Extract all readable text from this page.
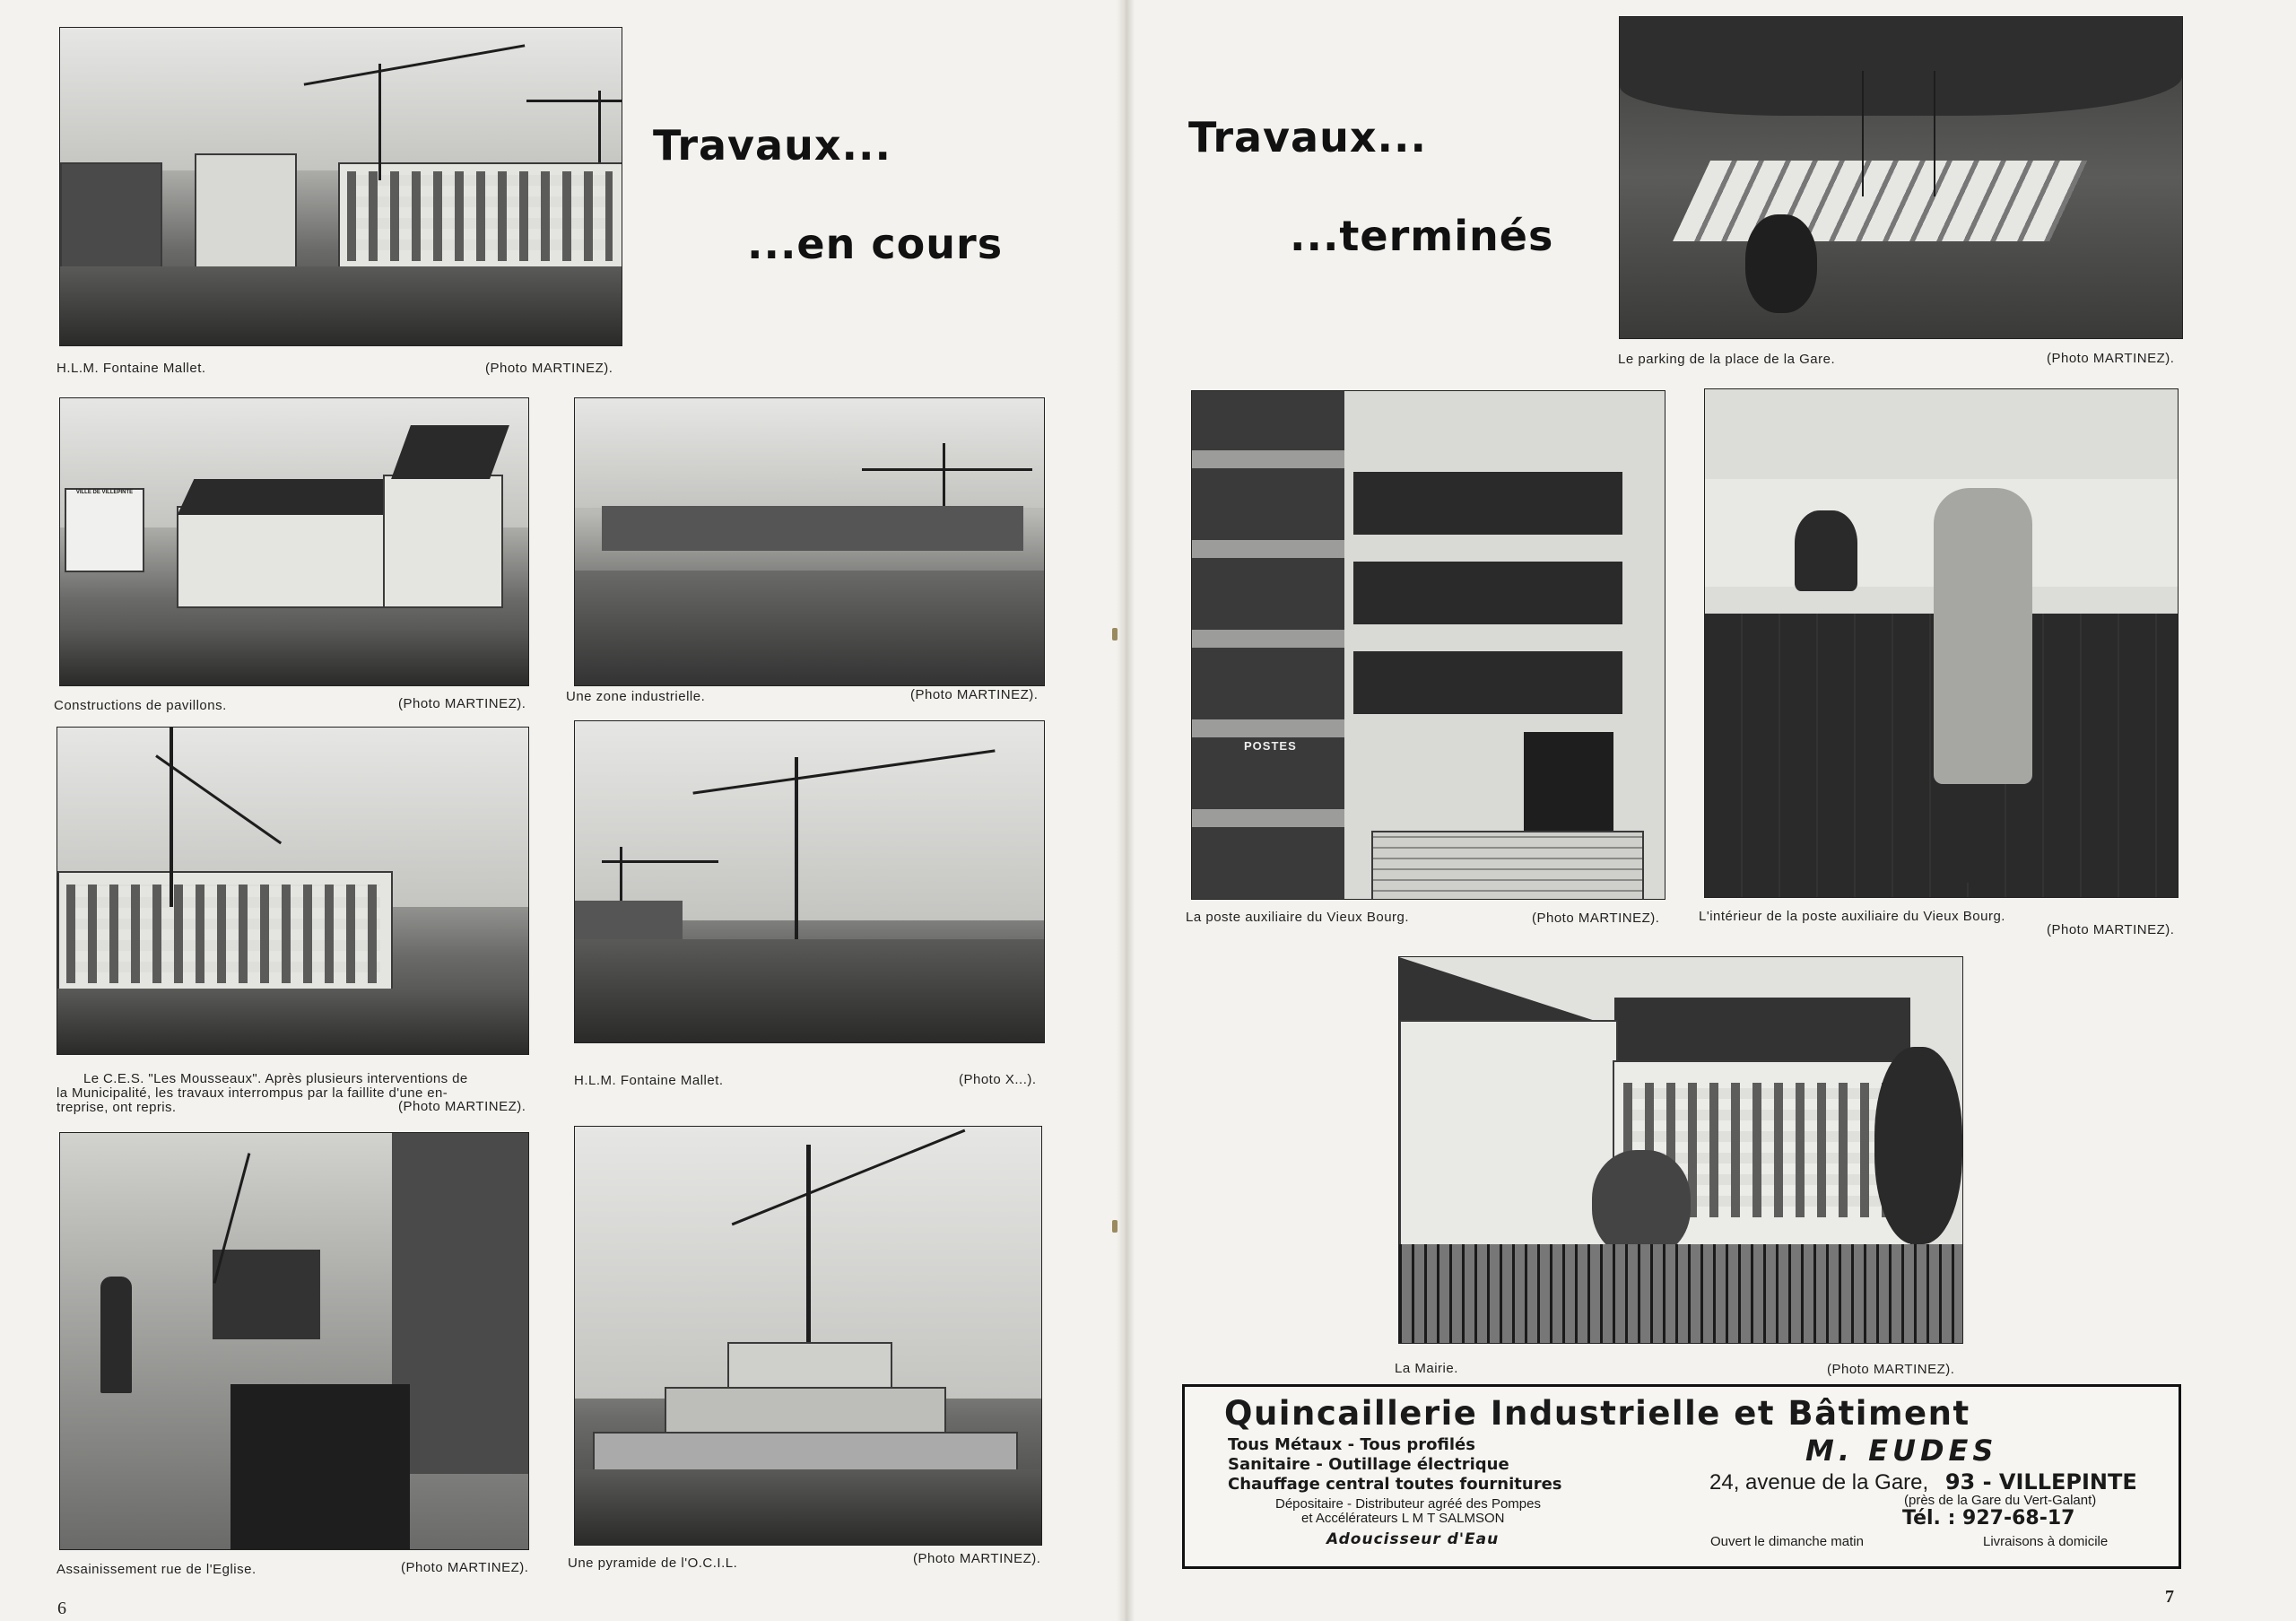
H.L.M. Fontaine Mallet.	(Photo MARTINEZ).
Travaux...
...en cours
VILLE DE VILLEPINTE
Constructions de pavillons.	(Photo MARTINEZ).	Une zone industrielle.	(Photo MARTINEZ).
Le C.E.S. "Les Mousseaux". Après plusieurs interventions de
la Municipalité, les travaux interrompus par la faillite d'une en-
treprise, ont repris.	(Photo MARTINEZ).
H.L.M. Fontaine Mallet.	(Photo X...).
Assainissement rue de l'Eglise.	(Photo MARTINEZ).	Une pyramide de l'O.C.I.L.	(Photo MARTINEZ).
6
Travaux...
...terminés
Le parking de la place de la Gare.	(Photo MARTINEZ).
POSTES
La poste auxiliaire du Vieux Bourg.	(Photo MARTINEZ).	L'intérieur de la poste auxiliaire du Vieux Bourg.
(Photo MARTINEZ).
La Mairie.	(Photo MARTINEZ).
Quincaillerie Industrielle et Bâtiment
Tous Métaux - Tous profilés
Sanitaire - Outillage électrique
Chauffage central toutes fournitures
Dépositaire - Distributeur agréé des Pompes
et Accélérateurs L M T SALMSON
Adoucisseur d'Eau
M. EUDES
24, avenue de la Gare, 93 - VILLEPINTE
(près de la Gare du Vert-Galant)
Tél. : 927-68-17
Ouvert le dimanche matin	Livraisons à domicile
7
